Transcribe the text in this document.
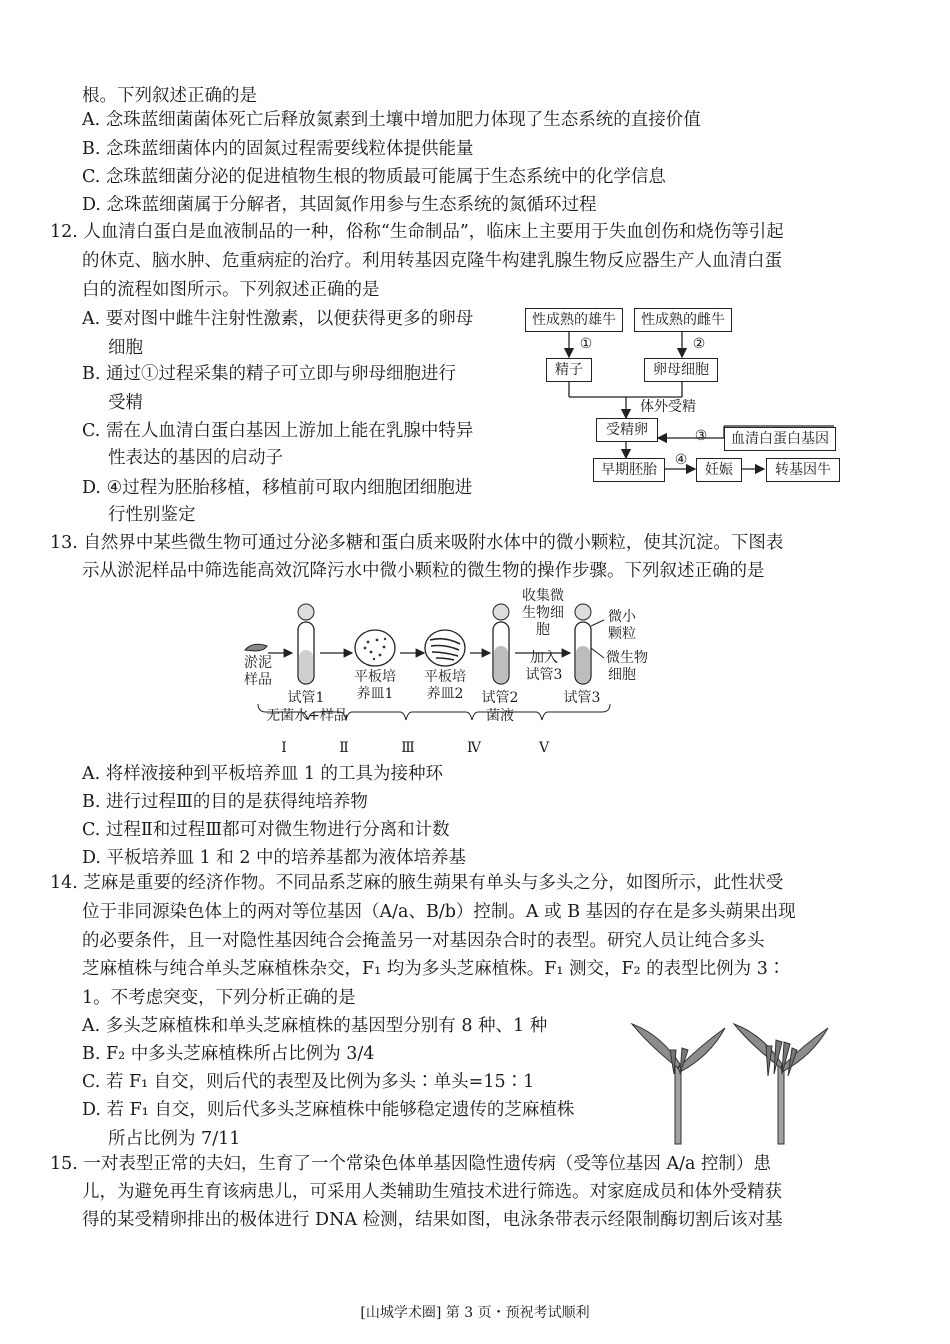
根。下列叙述正确的是
A. 念珠蓝细菌菌体死亡后释放氮素到土壤中增加肥力体现了生态系统的直接价值
B. 念珠蓝细菌体内的固氮过程需要线粒体提供能量
C. 念珠蓝细菌分泌的促进植物生根的物质最可能属于生态系统中的化学信息
D. 念珠蓝细菌属于分解者，其固氮作用参与生态系统的氮循环过程
12. 人血清白蛋白是血液制品的一种，俗称“生命制品”，临床上主要用于失血创伤和烧伤等引起
的休克、脑水肿、危重病症的治疗。利用转基因克隆牛构建乳腺生物反应器生产人血清白蛋
白的流程如图所示。下列叙述正确的是
A. 要对图中雌牛注射性激素，以便获得更多的卵母
细胞
B. 通过①过程采集的精子可立即与卵母细胞进行
受精
C. 需在人血清白蛋白基因上游加上能在乳腺中特异
性表达的基因的启动子
D. ④过程为胚胎移植，移植前可取内细胞团细胞进
行性别鉴定
性成熟的雄牛	性成熟的雌牛
①	②
精子	卵母细胞
体外受精
受精卵	③	血清白蛋白基因
早期胚胎
④
妊娠	转基因牛
13. 自然界中某些微生物可通过分泌多糖和蛋白质来吸附水体中的微小颗粒，使其沉淀。下图表
示从淤泥样品中筛选能高效沉降污水中微小颗粒的微生物的操作步骤。下列叙述正确的是
淤泥
样品
试管1
无菌水+样品
平板培
养皿1
平板培
养皿2	试管2
菌液
收集微
生物细
胞
加入
试管3
试管3
微小
颗粒
微生物
细胞
Ⅰ	Ⅱ	Ⅲ	Ⅳ	Ⅴ
A. 将样液接种到平板培养皿 1 的工具为接种环
B. 进行过程Ⅲ的目的是获得纯培养物
C. 过程Ⅱ和过程Ⅲ都可对微生物进行分离和计数
D. 平板培养皿 1 和 2 中的培养基都为液体培养基
14. 芝麻是重要的经济作物。不同品系芝麻的腋生蒴果有单头与多头之分，如图所示，此性状受
位于非同源染色体上的两对等位基因（A/a、B/b）控制。A 或 B 基因的存在是多头蒴果出现
的必要条件，且一对隐性基因纯合会掩盖另一对基因杂合时的表型。研究人员让纯合多头
芝麻植株与纯合单头芝麻植株杂交，F₁ 均为多头芝麻植株。F₁ 测交，F₂ 的表型比例为 3∶
1。不考虑突变，下列分析正确的是
A. 多头芝麻植株和单头芝麻植株的基因型分别有 8 种、1 种
B. F₂ 中多头芝麻植株所占比例为 3/4
C. 若 F₁ 自交，则后代的表型及比例为多头∶单头=15∶1
D. 若 F₁ 自交，则后代多头芝麻植株中能够稳定遗传的芝麻植株
所占比例为 7/11
15. 一对表型正常的夫妇，生育了一个常染色体单基因隐性遗传病（受等位基因 A/a 控制）患
儿，为避免再生育该病患儿，可采用人类辅助生殖技术进行筛选。对家庭成员和体外受精获
得的某受精卵排出的极体进行 DNA 检测，结果如图，电泳条带表示经限制酶切割后该对基
[山城学术圈] 第 3 页・预祝考试顺利
